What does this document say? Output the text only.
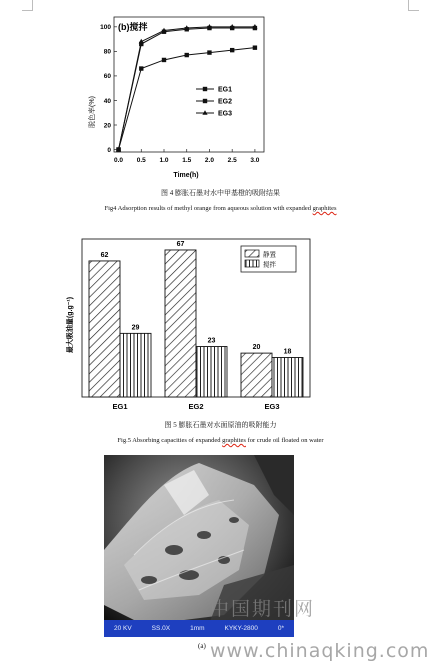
0.0 0.5 1.0 1.5 2.0 2.5 3.0
0
20
40
60
80
100
EG1
EG2
EG3
(b)搅拌
脱色率(%)
Time(h)
图 4 膨胀石墨对水中甲基橙的吸附结果
Fig4 Adsorption results of methyl orange from aqueous solution with expanded graphites
62
29
EG1
67
23
EG2
20
18
EG3
静置
搅拌
最大吸油量(g.g⁻¹)
图 5 膨胀石墨对水面原油的吸附能力
Fig.5 Absorbing capacities of expanded graphites for crude oil floated on water
20 KV	SS.0X	1mm	KYKY-2800	0*
(a)
中国期刊网
www.chinaqking.com
